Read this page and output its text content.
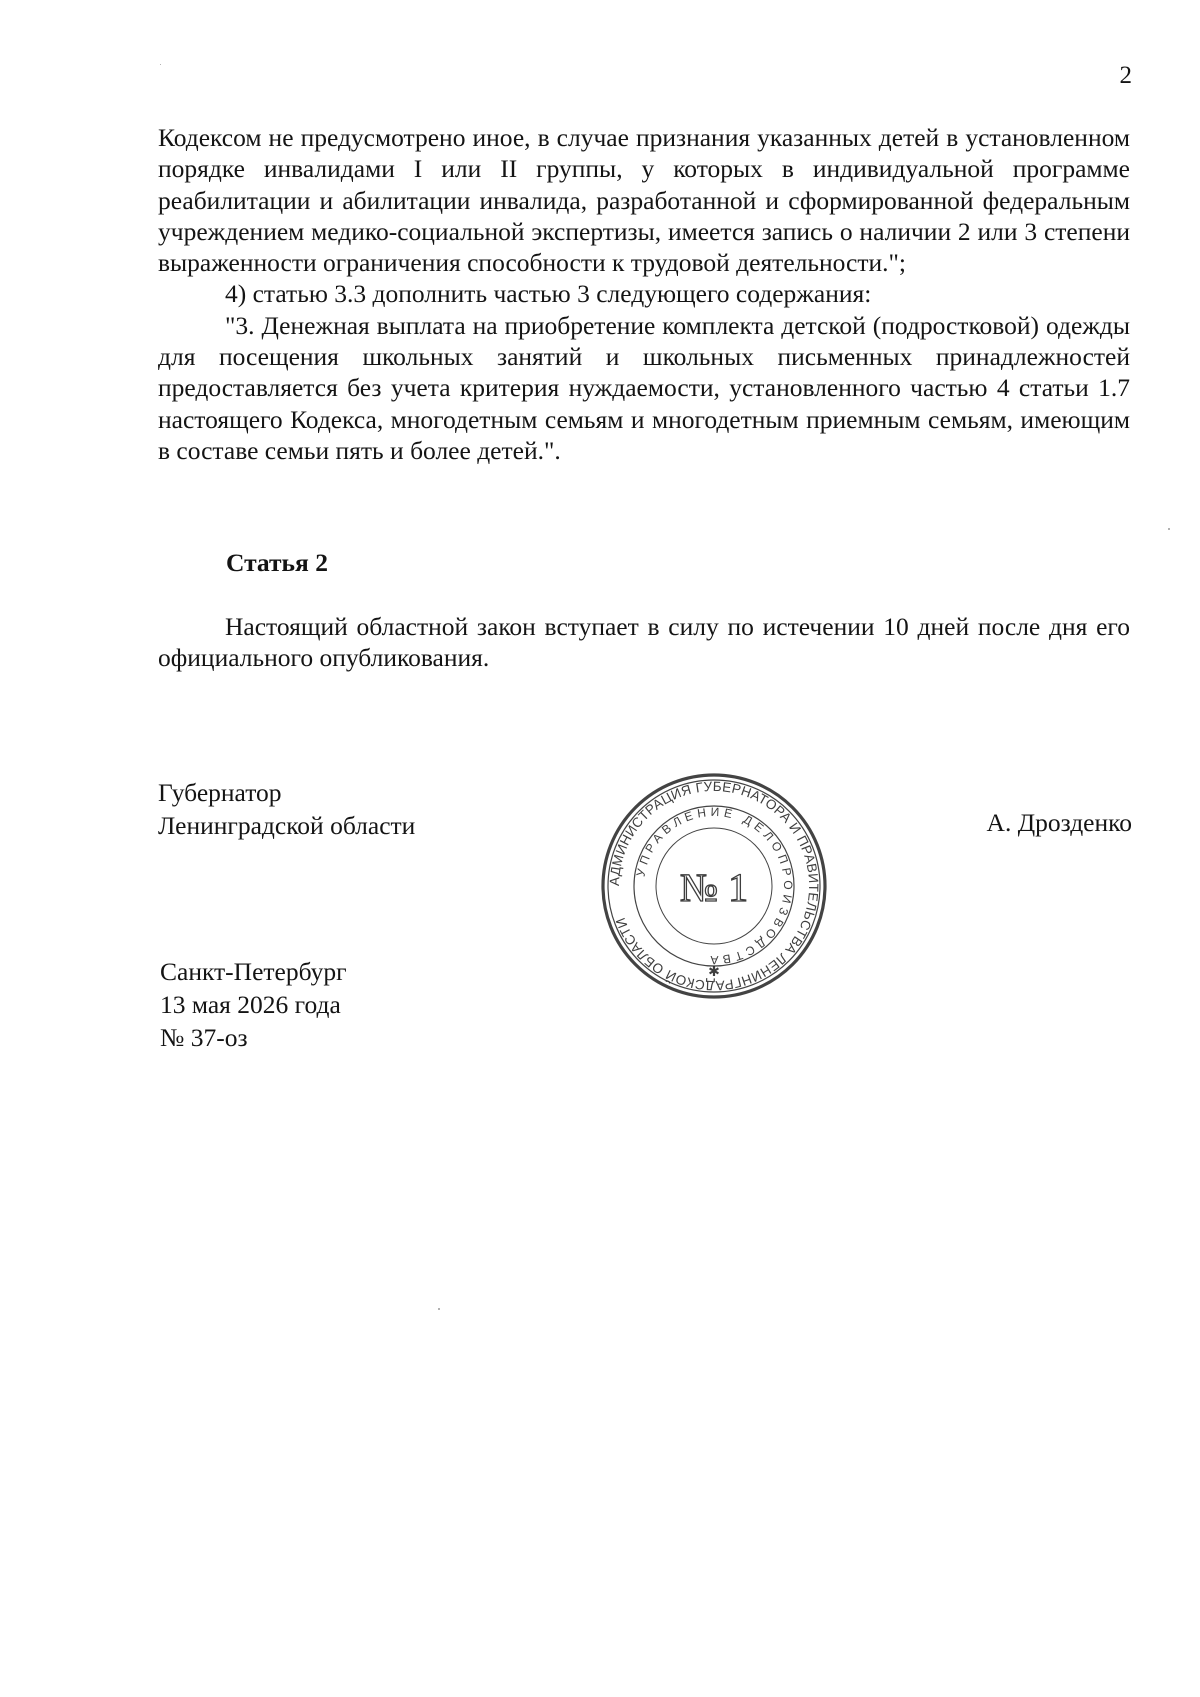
2

Кодексом не предусмотрено иное, в случае признания указанных детей в установленном порядке инвалидами I или II группы, у которых в индивидуальной программе реабилитации и абилитации инвалида, разработанной и сформированной федеральным учреждением медико-социальной экспертизы, имеется запись о наличии 2 или 3 степени выраженности ограничения способности к трудовой деятельности.";

4) статью 3.3 дополнить частью 3 следующего содержания:

"3. Денежная выплата на приобретение комплекта детской (подростковой) одежды для посещения школьных занятий и школьных письменных принадлежностей предоставляется без учета критерия нуждаемости, установленного частью 4 статьи 1.7 настоящего Кодекса, многодетным семьям и многодетным приемным семьям, имеющим в составе семьи пять и более детей.".

Статья 2

Настоящий областной закон вступает в силу по истечении 10 дней после дня его официального опубликования.

Губернатор
Ленинградской области	А. Дрозденко
АДМИНИСТРАЦИЯ ГУБЕРНАТОРА И ПРАВИТЕЛЬСТВА ЛЕНИНГРАДСКОЙ ОБЛАСТИ
УПРАВЛЕНИЕ ДЕЛОПРОИЗВОДСТВА
№ 1
✱
Санкт-Петербург
13 мая 2026 года
№ 37-оз
